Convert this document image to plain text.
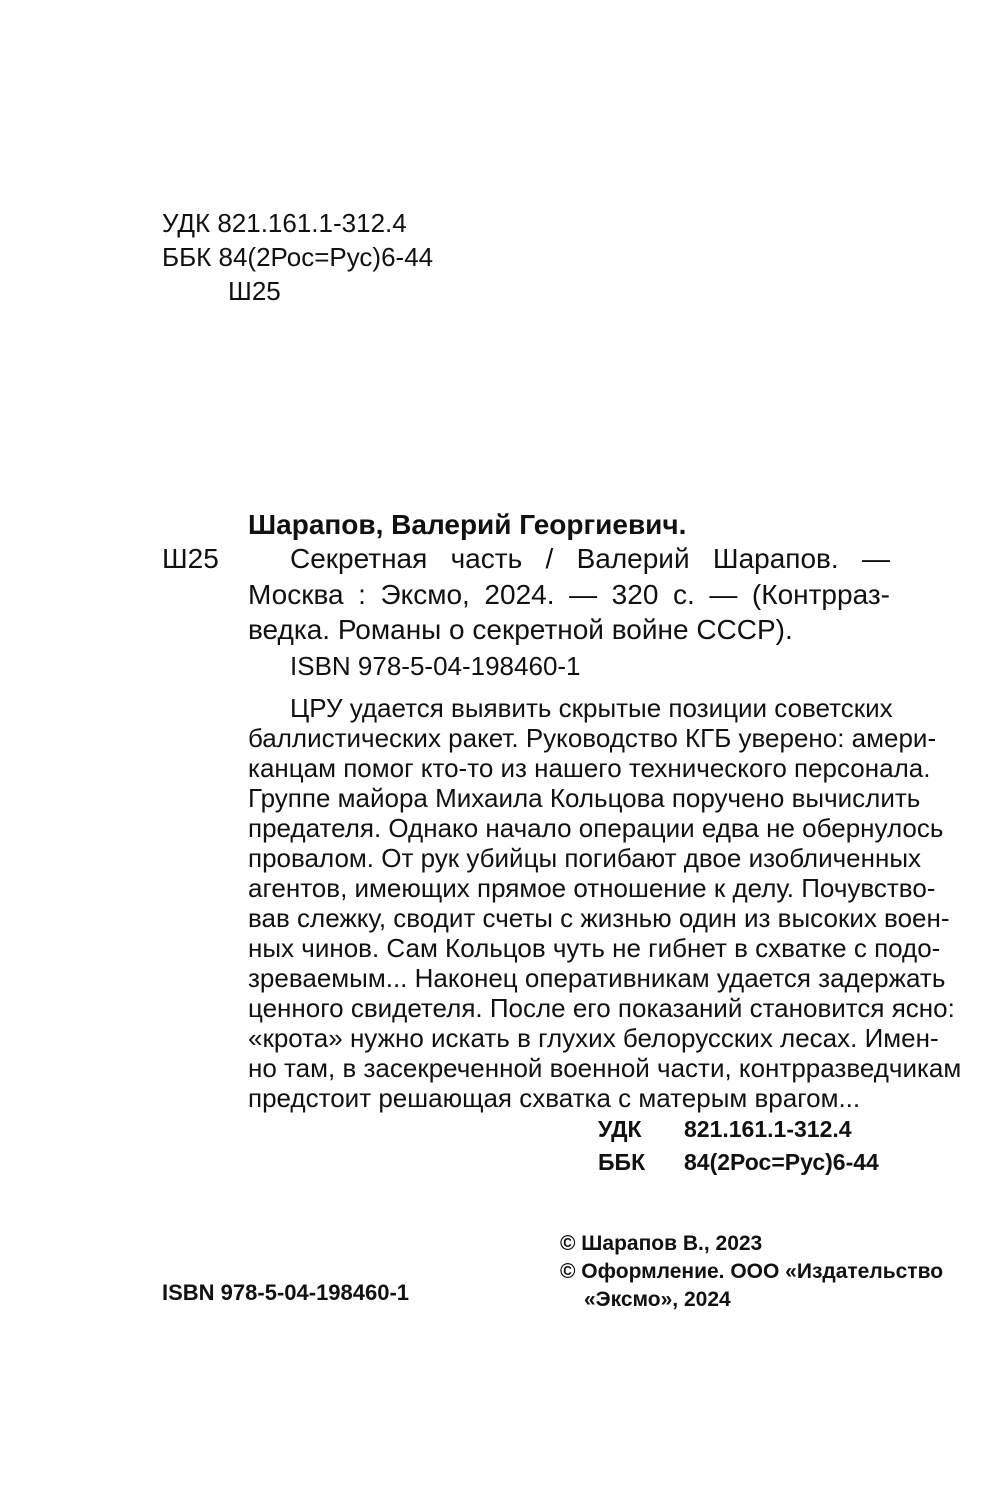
УДК 821.161.1-312.4
ББК 84(2Рос=Рус)6-44
Ш25
Шарапов, Валерий Георгиевич.
Ш25	Секретная часть / Валерий Шарапов. —
Москва : Эксмо, 2024. — 320 с. — (Контрраз-
ведка. Романы о секретной войне СССР).
ISBN 978-5-04-198460-1
ЦРУ удается выявить скрытые позиции советских
баллистических ракет. Руководство КГБ уверено: амери-
канцам помог кто-то из нашего технического персонала.
Группе майора Михаила Кольцова поручено вычислить
предателя. Однако начало операции едва не обернулось
провалом. От рук убийцы погибают двое изобличенных
агентов, имеющих прямое отношение к делу. Почувство-
вав слежку, сводит счеты с жизнью один из высоких воен-
ных чинов. Сам Кольцов чуть не гибнет в схватке с подо-
зреваемым... Наконец оперативникам удается задержать
ценного свидетеля. После его показаний становится ясно:
«крота» нужно искать в глухих белорусских лесах. Имен-
но там, в засекреченной военной части, контрразведчикам
предстоит решающая схватка с матерым врагом...
УДК	821.161.1-312.4
ББК	84(2Рос=Рус)6-44
ISBN 978-5-04-198460-1
© Шарапов В., 2023
© Оформление. ООО «Издательство
«Эксмо», 2024
